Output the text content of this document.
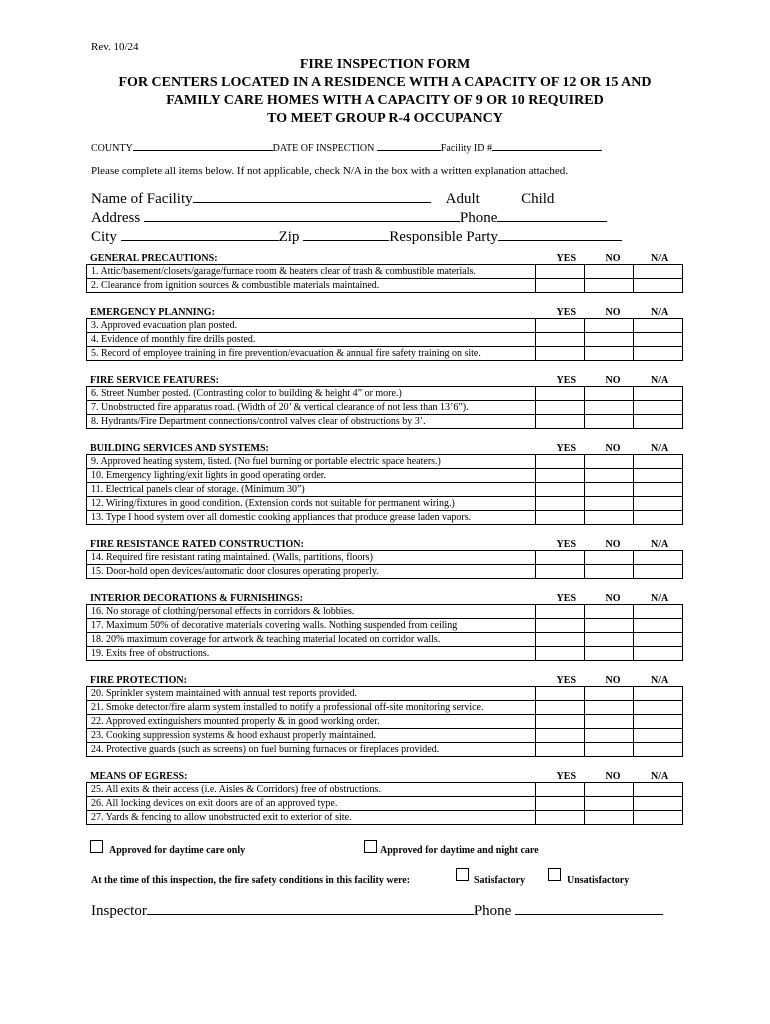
Rev. 10/24
FIRE INSPECTION FORM
FOR CENTERS LOCATED IN A RESIDENCE WITH A CAPACITY OF 12 OR 15 AND
FAMILY CARE HOMES WITH A CAPACITY OF 9 OR 10 REQUIRED
TO MEET GROUP R-4 OCCUPANCY
COUNTY	DATE OF INSPECTION	Facility ID #
Please complete all items below. If not applicable, check N/A in the box with a written explanation attached.
Name of Facility	Adult	Child
Address	Phone
City	Zip	Responsible Party
GENERAL PRECAUTIONS:	YES	NO	N/A
1. Attic/basement/closets/garage/furnace room & heaters clear of trash & combustible materials.			
2. Clearance from ignition sources & combustible materials maintained.			
EMERGENCY PLANNING:	YES	NO	N/A
3. Approved evacuation plan posted.			
4. Evidence of monthly fire drills posted.			
5. Record of employee training in fire prevention/evacuation & annual fire safety training on site.			
FIRE SERVICE FEATURES:	YES	NO	N/A
6. Street Number posted. (Contrasting color to building & height 4” or more.)			
7. Unobstructed fire apparatus road. (Width of 20’ & vertical clearance of not less than 13’6”).			
8. Hydrants/Fire Department connections/control valves clear of obstructions by 3’.			
BUILDING SERVICES AND SYSTEMS:	YES	NO	N/A
9. Approved heating system, listed. (No fuel burning or portable electric space heaters.)			
10. Emergency lighting/exit lights in good operating order.			
11. Electrical panels clear of storage. (Minimum 30”)			
12. Wiring/fixtures in good condition. (Extension cords not suitable for permanent wiring.)			
13. Type I hood system over all domestic cooking appliances that produce grease laden vapors.			
FIRE RESISTANCE RATED CONSTRUCTION:	YES	NO	N/A
14. Required fire resistant rating maintained. (Walls, partitions, floors)			
15. Door-hold open devices/automatic door closures operating properly.			
INTERIOR DECORATIONS & FURNISHINGS:	YES	NO	N/A
16. No storage of clothing/personal effects in corridors & lobbies.			
17. Maximum 50% of decorative materials covering walls. Nothing suspended from ceiling			
18. 20% maximum coverage for artwork & teaching material located on corridor walls.			
19. Exits free of obstructions.			
FIRE PROTECTION:	YES	NO	N/A
20. Sprinkler system maintained with annual test reports provided.			
21. Smoke detector/fire alarm system installed to notify a professional off-site monitoring service.			
22. Approved extinguishers mounted properly & in good working order.			
23. Cooking suppression systems & hood exhaust properly maintained.			
24. Protective guards (such as screens) on fuel burning furnaces or fireplaces provided.			
MEANS OF EGRESS:	YES	NO	N/A
25. All exits & their access (i.e. Aisles & Corridors) free of obstructions.			
26. All locking devices on exit doors are of an approved type.			
27. Yards & fencing to allow unobstructed exit to exterior of site.			
Approved for daytime care only	Approved for daytime and night care
At the time of this inspection, the fire safety conditions in this facility were:	Satisfactory	Unsatisfactory
Inspector	Phone
